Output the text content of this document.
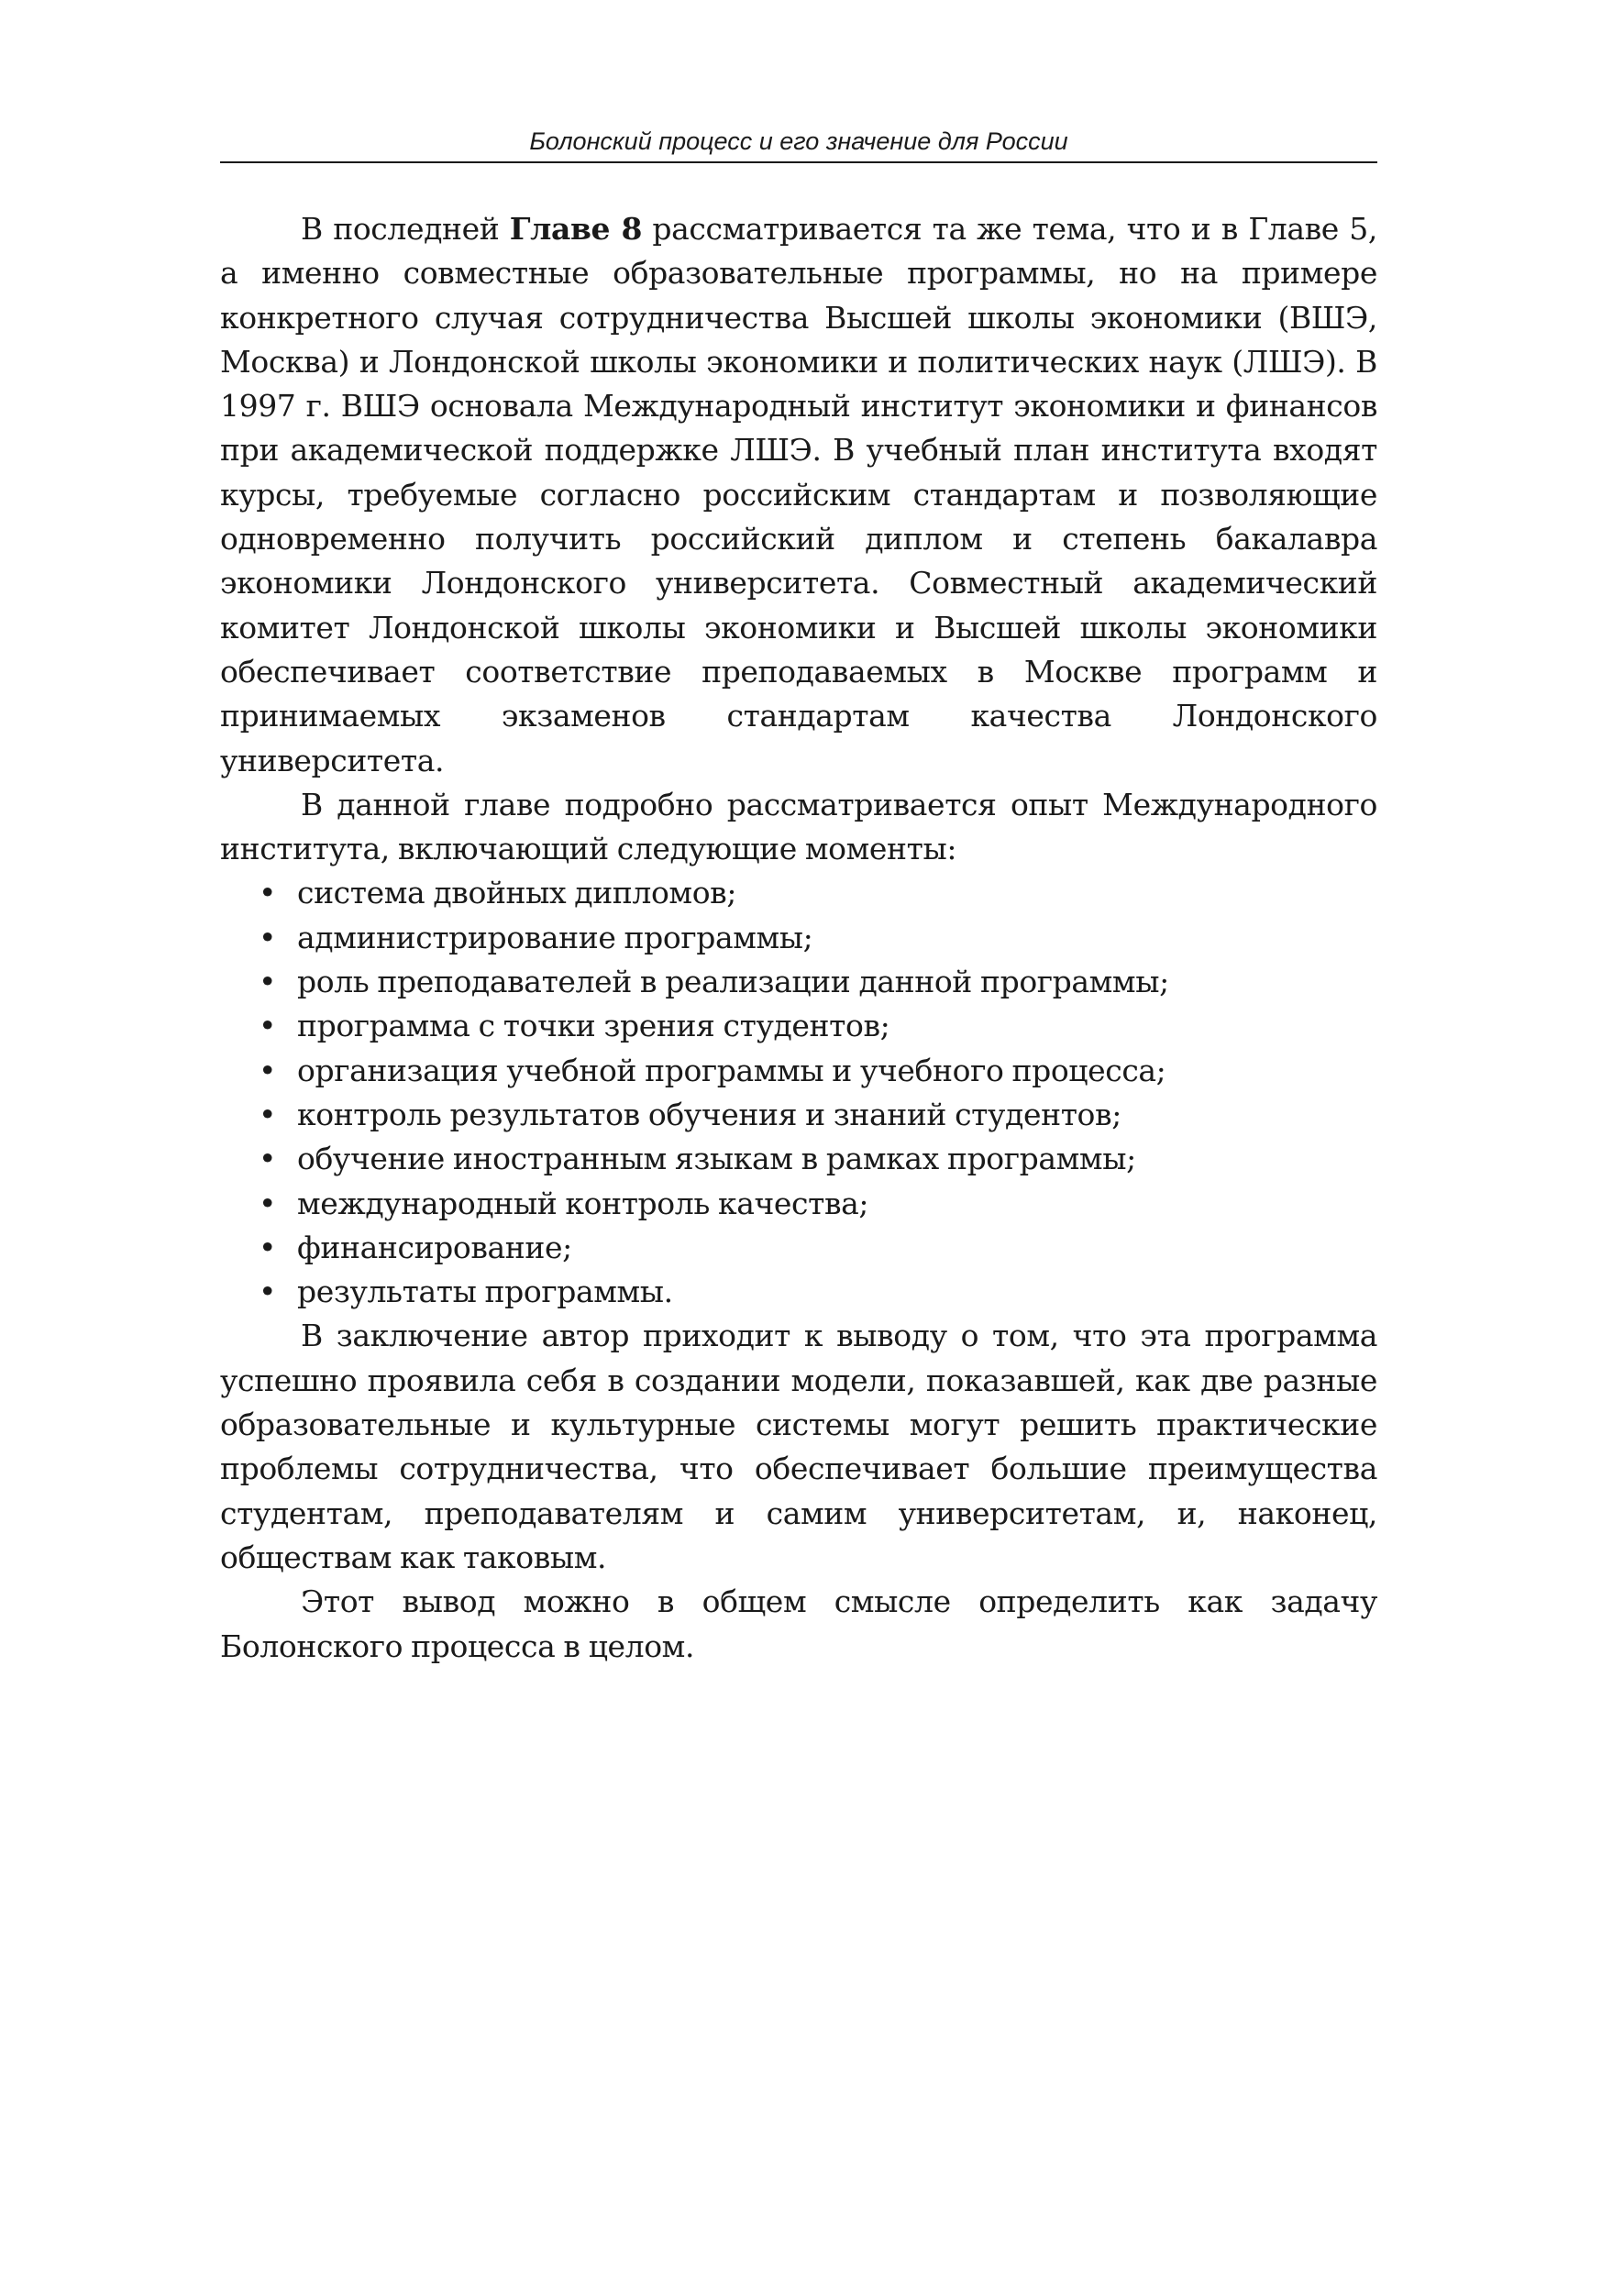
Болонский процесс и его значение для России

В последней Главе 8 рассматривается та же тема, что и в Главе 5, а именно совместные образовательные программы, но на примере конкретного случая сотрудничества Высшей школы экономики (ВШЭ, Москва) и Лондонской школы экономики и политических наук (ЛШЭ). В 1997 г. ВШЭ основала Международный институт экономики и финансов при академической поддержке ЛШЭ. В учебный план института входят курсы, требуемые согласно российским стандартам и позволяющие одновременно получить российский диплом и степень бакалавра экономики Лондонского университета. Совместный академический комитет Лондонской школы экономики и Высшей школы экономики обеспечивает соответствие преподаваемых в Москве программ и принимаемых экзаменов стандартам качества Лондонского университета.

В данной главе подробно рассматривается опыт Международного института, включающий следующие моменты:

• система двойных дипломов;
• администрирование программы;
• роль преподавателей в реализации данной программы;
• программа с точки зрения студентов;
• организация учебной программы и учебного процесса;
• контроль результатов обучения и знаний студентов;
• обучение иностранным языкам в рамках программы;
• международный контроль качества;
• финансирование;
• результаты программы.

В заключение автор приходит к выводу о том, что эта программа успешно проявила себя в создании модели, показавшей, как две разные образовательные и культурные системы могут решить практические проблемы сотрудничества, что обеспечивает большие преимущества студентам, преподавателям и самим университетам, и, наконец, обществам как таковым.

Этот вывод можно в общем смысле определить как задачу Болонского процесса в целом.
